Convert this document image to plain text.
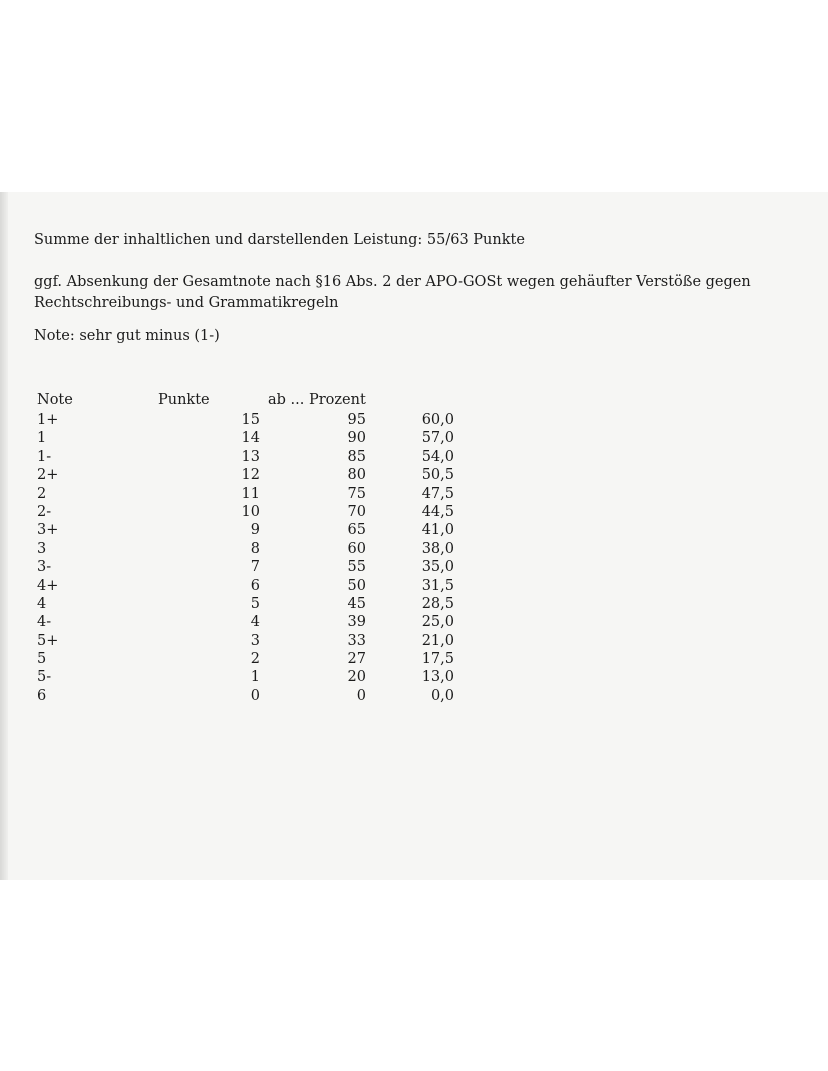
Summe der inhaltlichen und darstellenden Leistung: 55/63 Punkte
ggf. Absenkung der Gesamtnote nach §16 Abs. 2 der APO-GOSt wegen gehäufter Verstöße gegen Rechtschreibungs- und Grammatikregeln
Note: sehr gut minus (1-)
Note	Punkte	ab ... Prozent
1+	15	95	60,0
1	14	90	57,0
1-	13	85	54,0
2+	12	80	50,5
2	11	75	47,5
2-	10	70	44,5
3+	9	65	41,0
3	8	60	38,0
3-	7	55	35,0
4+	6	50	31,5
4	5	45	28,5
4-	4	39	25,0
5+	3	33	21,0
5	2	27	17,5
5-	1	20	13,0
6	0	0	0,0
